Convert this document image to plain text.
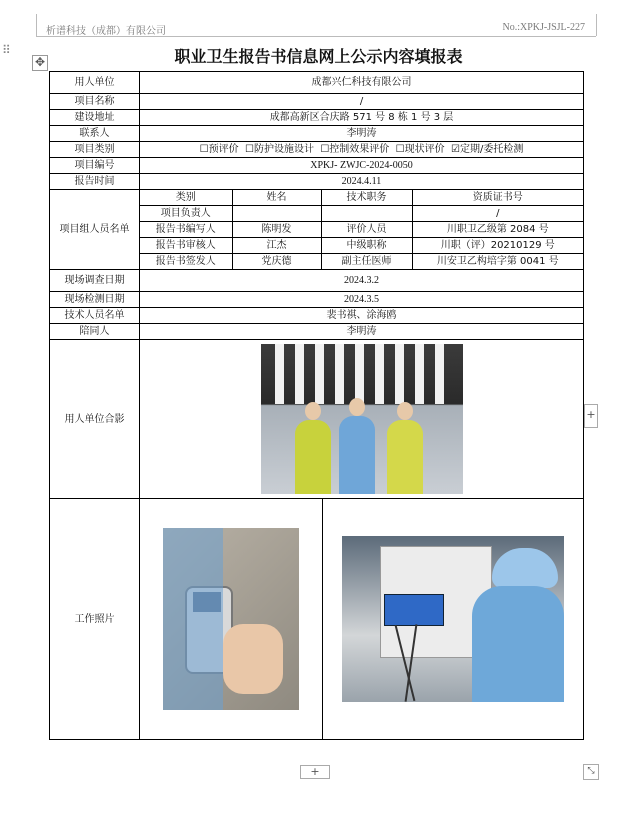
析谱科技（成都）有限公司	No.:XPKJ-JSJL-227
⠿
✥	职业卫生报告书信息网上公示内容填报表
用人单位	成都兴仁科技有限公司
项目名称	/
建设地址	成都高新区合庆路 571 号 8 栋 1 号 3 层
联系人	李明涛
项目类别	☐预评价 ☐防护设施设计 ☐控制效果评价 ☐现状评价 ☑定期/委托检测
项目编号	XPKJ- ZWJC-2024-0050
报告时间	2024.4.11
项目组人员名单	
类别	姓名	技术职务	资质证书号
项目负责人			/
报告书编写人	陈明发	评价人员	川职卫乙级第 2084 号
报告书审核人	江杰	中级职称	川职（评）20210129 号
报告书签发人	党庆德	副主任医师	川安卫乙构培字第 0041 号

现场调查日期	2024.3.2
现场检测日期	2024.3.5
技术人员名单	裴书祺、涂海鸥
陪同人	李明涛
用人单位合影	

工作照片	

+
+	⤡
